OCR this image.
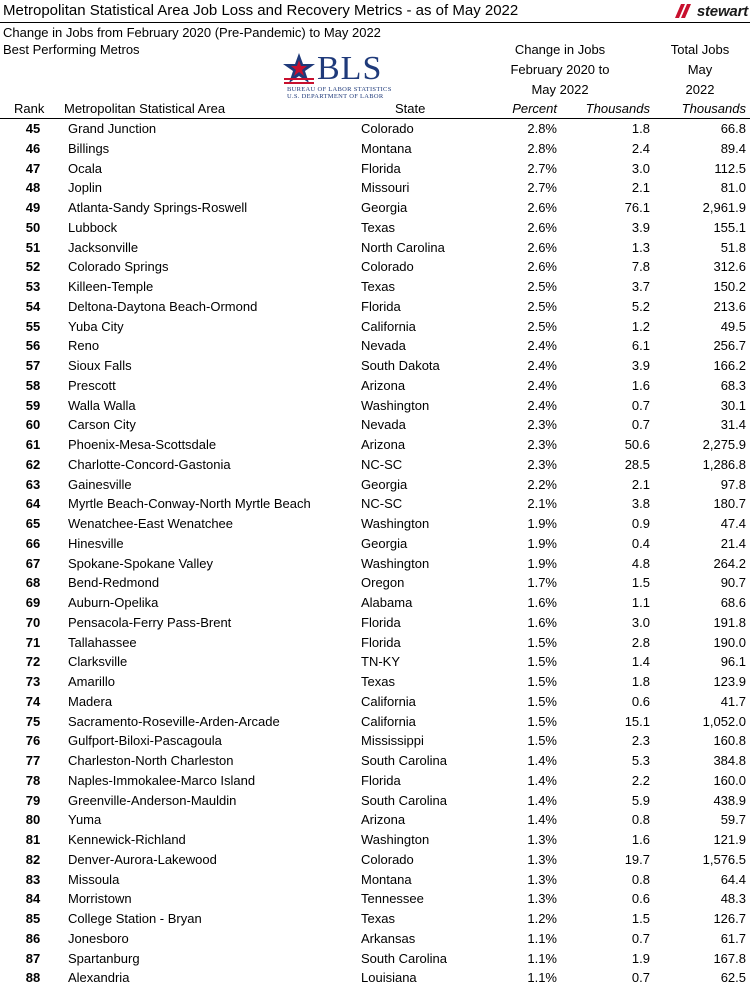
Metropolitan Statistical Area Job Loss and Recovery Metrics - as of May 2022	stewart
Change in Jobs from February 2020 (Pre-Pandemic) to May 2022
Best Performing Metros	Change in Jobs
February 2020 to
May 2022
Total Jobs
May
2022
BLS
BUREAU OF LABOR STATISTICS
U.S. DEPARTMENT OF LABOR
Rank Metropolitan Statistical Area	State	Percent Thousands Thousands
45	Grand Junction	Colorado	2.8%	1.8	66.8
46	Billings	Montana	2.8%	2.4	89.4
47	Ocala	Florida	2.7%	3.0	112.5
48	Joplin	Missouri	2.7%	2.1	81.0
49	Atlanta-Sandy Springs-Roswell	Georgia	2.6%	76.1	2,961.9
50	Lubbock	Texas	2.6%	3.9	155.1
51	Jacksonville	North Carolina	2.6%	1.3	51.8
52	Colorado Springs	Colorado	2.6%	7.8	312.6
53	Killeen-Temple	Texas	2.5%	3.7	150.2
54	Deltona-Daytona Beach-Ormond	Florida	2.5%	5.2	213.6
55	Yuba City	California	2.5%	1.2	49.5
56	Reno	Nevada	2.4%	6.1	256.7
57	Sioux Falls	South Dakota	2.4%	3.9	166.2
58	Prescott	Arizona	2.4%	1.6	68.3
59	Walla Walla	Washington	2.4%	0.7	30.1
60	Carson City	Nevada	2.3%	0.7	31.4
61	Phoenix-Mesa-Scottsdale	Arizona	2.3%	50.6	2,275.9
62	Charlotte-Concord-Gastonia	NC-SC	2.3%	28.5	1,286.8
63	Gainesville	Georgia	2.2%	2.1	97.8
64	Myrtle Beach-Conway-North Myrtle Beach	NC-SC	2.1%	3.8	180.7
65	Wenatchee-East Wenatchee	Washington	1.9%	0.9	47.4
66	Hinesville	Georgia	1.9%	0.4	21.4
67	Spokane-Spokane Valley	Washington	1.9%	4.8	264.2
68	Bend-Redmond	Oregon	1.7%	1.5	90.7
69	Auburn-Opelika	Alabama	1.6%	1.1	68.6
70	Pensacola-Ferry Pass-Brent	Florida	1.6%	3.0	191.8
71	Tallahassee	Florida	1.5%	2.8	190.0
72	Clarksville	TN-KY	1.5%	1.4	96.1
73	Amarillo	Texas	1.5%	1.8	123.9
74	Madera	California	1.5%	0.6	41.7
75	Sacramento-Roseville-Arden-Arcade	California	1.5%	15.1	1,052.0
76	Gulfport-Biloxi-Pascagoula	Mississippi	1.5%	2.3	160.8
77	Charleston-North Charleston	South Carolina	1.4%	5.3	384.8
78	Naples-Immokalee-Marco Island	Florida	1.4%	2.2	160.0
79	Greenville-Anderson-Mauldin	South Carolina	1.4%	5.9	438.9
80	Yuma	Arizona	1.4%	0.8	59.7
81	Kennewick-Richland	Washington	1.3%	1.6	121.9
82	Denver-Aurora-Lakewood	Colorado	1.3%	19.7	1,576.5
83	Missoula	Montana	1.3%	0.8	64.4
84	Morristown	Tennessee	1.3%	0.6	48.3
85	College Station - Bryan	Texas	1.2%	1.5	126.7
86	Jonesboro	Arkansas	1.1%	0.7	61.7
87	Spartanburg	South Carolina	1.1%	1.9	167.8
88	Alexandria	Louisiana	1.1%	0.7	62.5
